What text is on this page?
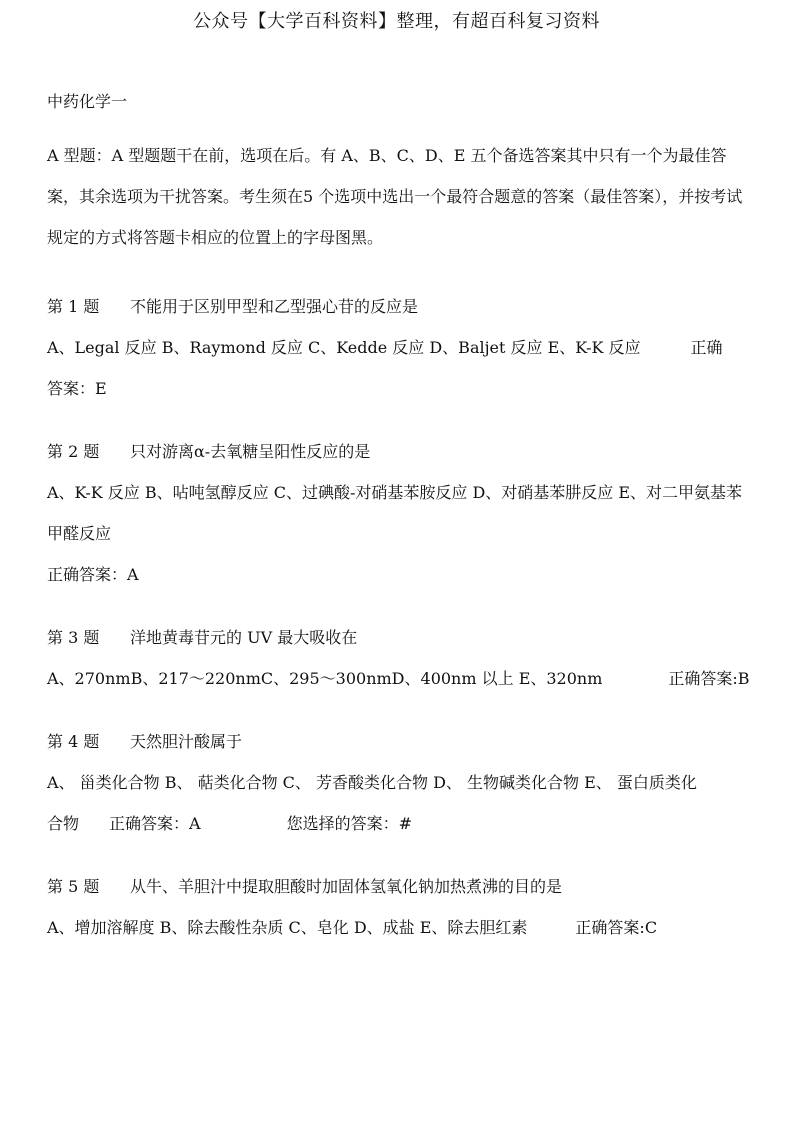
公众号【大学百科资料】整理，有超百科复习资料
中药化学一
A 型题：A 型题题干在前，选项在后。有 A、B、C、D、E 五个备选答案其中只有一个为最佳答案，其余选项为干扰答案。考生须在5 个选项中选出一个最符合题意的答案（最佳答案），并按考试规定的方式将答题卡相应的位置上的字母图黑。
第 1 题	不能用于区别甲型和乙型强心苷的反应是
A、Legal 反应 B、Raymond 反应 C、Kedde 反应 D、Baljet 反应 E、K-K 反应	正确
答案：E
第 2 题	只对游离α-去氧糖呈阳性反应的是
A、K-K 反应 B、呫吨氢醇反应 C、过碘酸-对硝基苯胺反应 D、对硝基苯肼反应 E、对二甲氨基苯甲醛反应
正确答案：A
第 3 题	洋地黄毒苷元的 UV 最大吸收在
A、270nmB、217～220nmC、295～300nmD、400nm 以上 E、320nm	正确答案:B
第 4 题	天然胆汁酸属于
A、 甾类化合物 B、 萜类化合物 C、 芳香酸类化合物 D、 生物碱类化合物 E、 蛋白质类化
合物 正确答案：A	您选择的答案：#
第 5 题	从牛、羊胆汁中提取胆酸时加固体氢氧化钠加热煮沸的目的是
A、增加溶解度 B、除去酸性杂质 C、皂化 D、成盐 E、除去胆红素	正确答案:C
